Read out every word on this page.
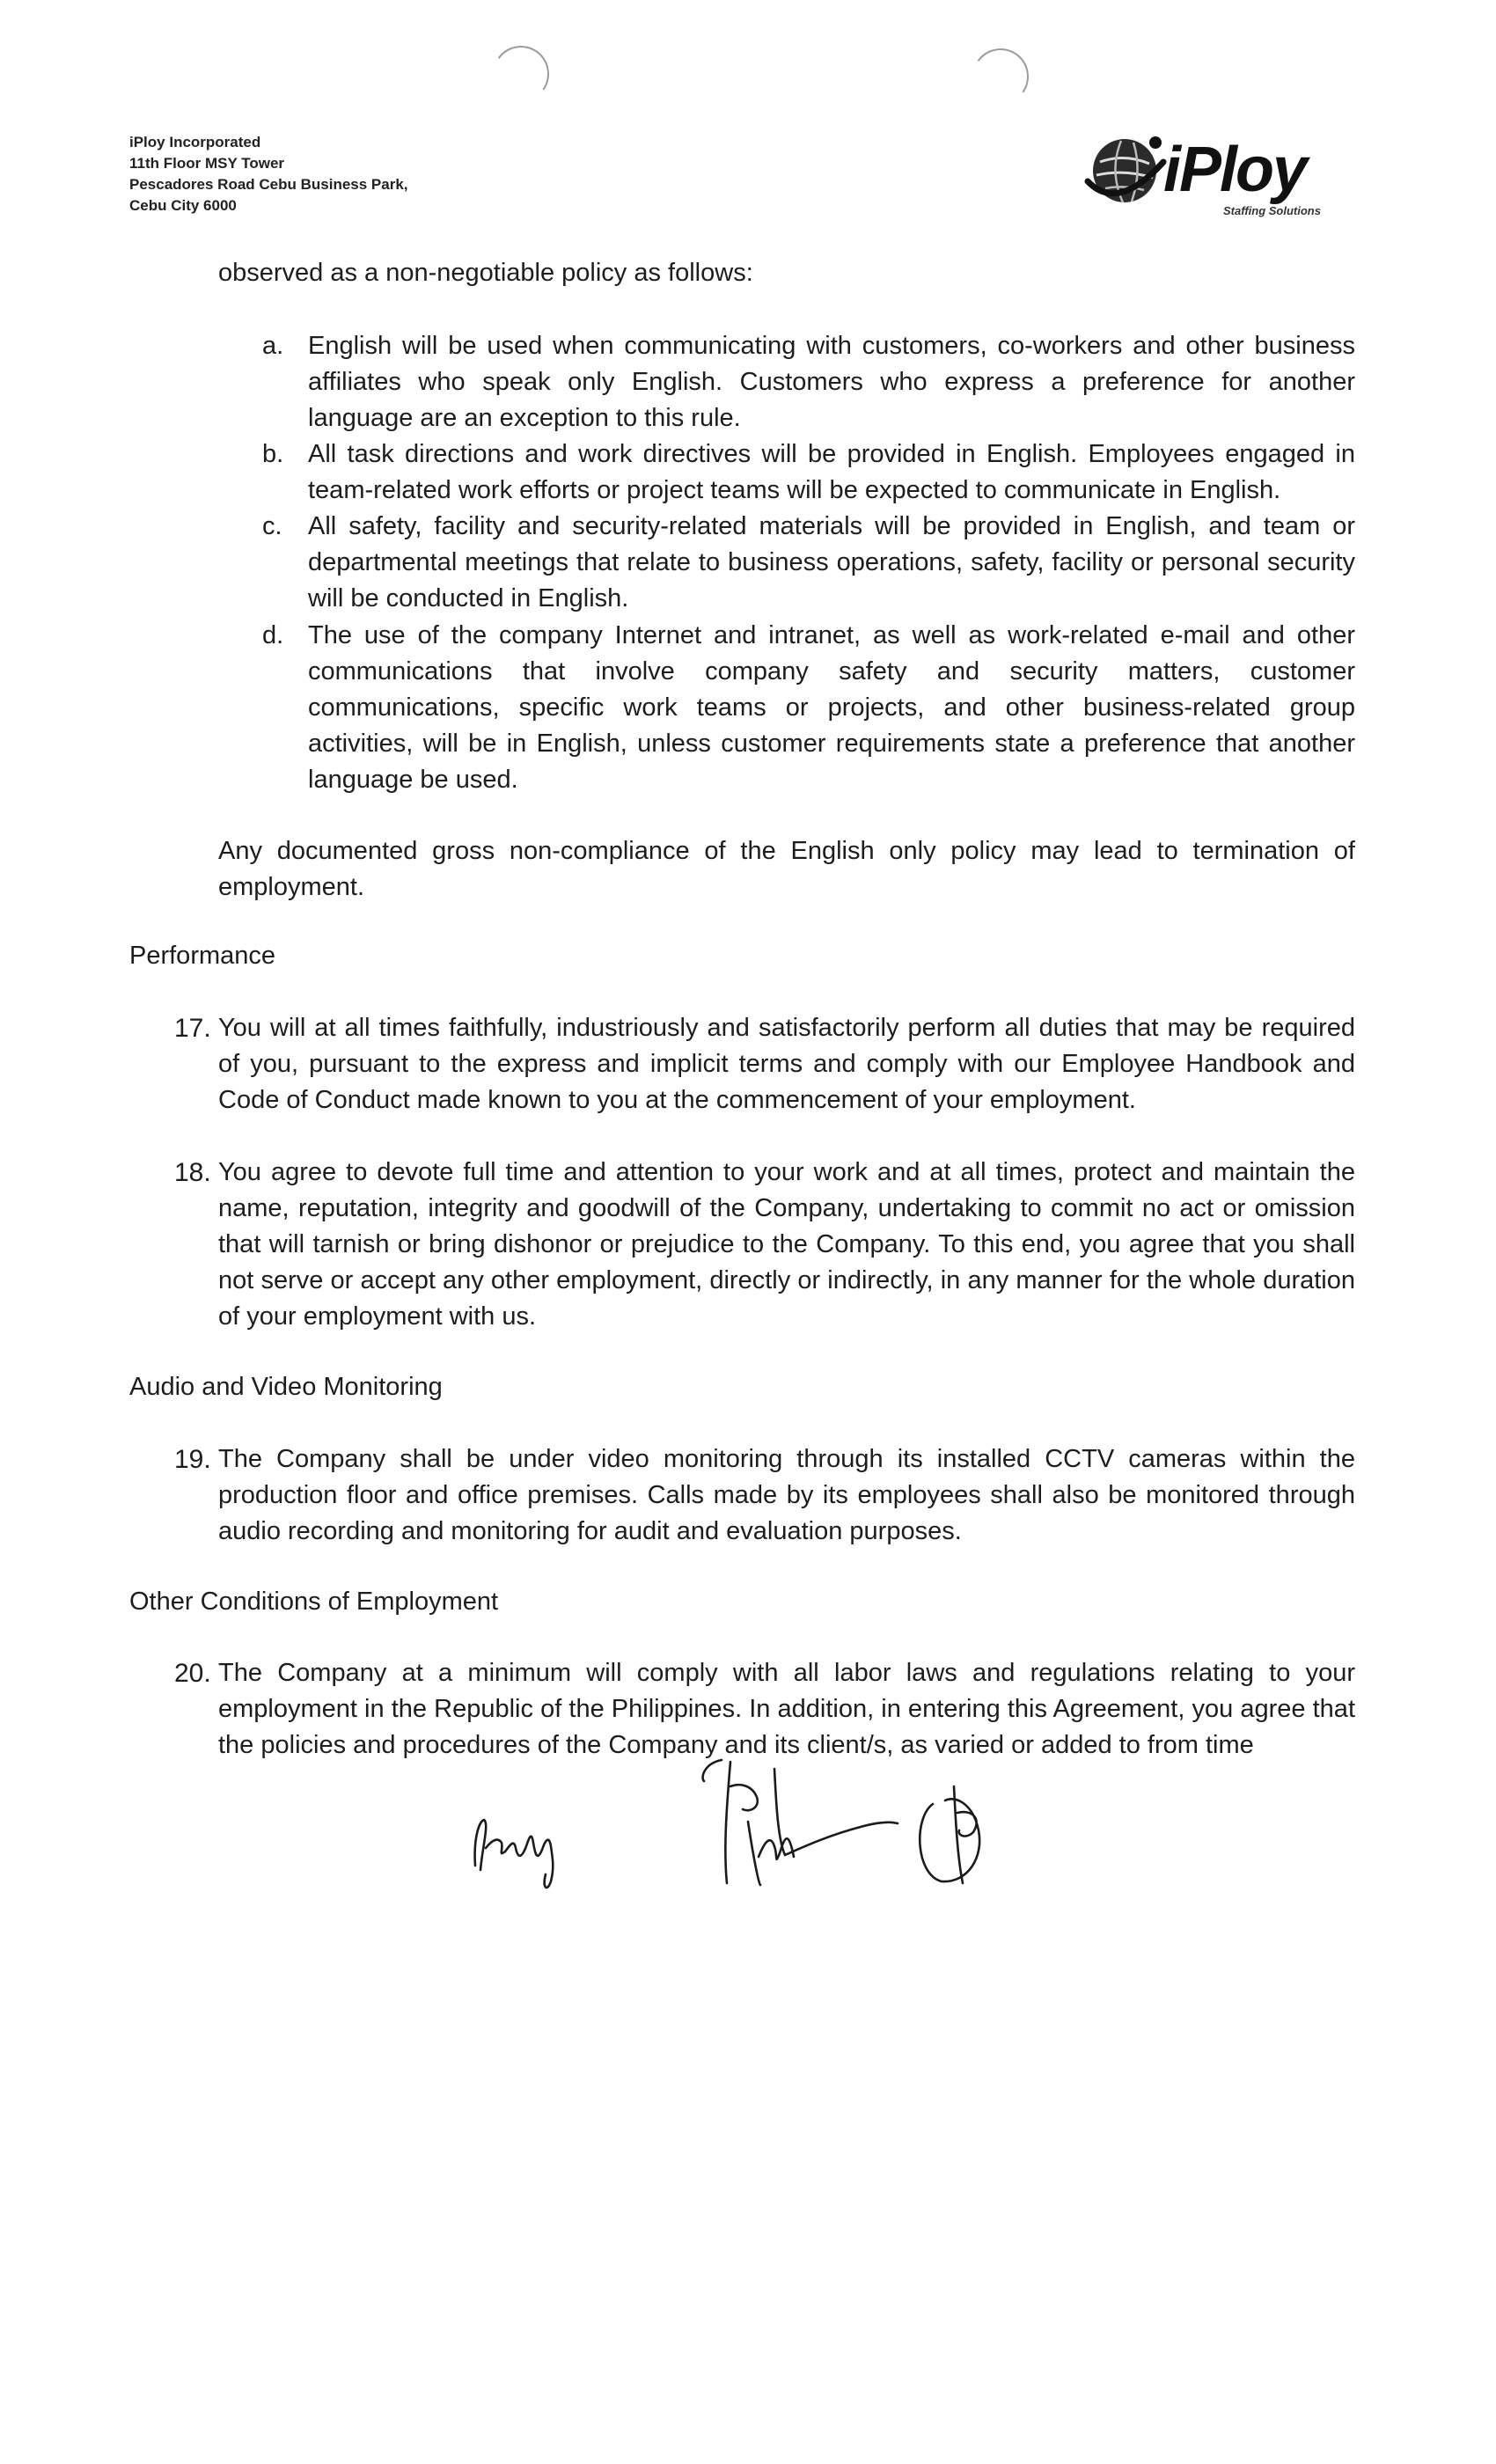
iPloy Incorporated
11th Floor MSY Tower
Pescadores Road Cebu Business Park,
Cebu City 6000
iPloy
Staffing Solutions
observed as a non-negotiable policy as follows:
a. English will be used when communicating with customers, co-workers and other business affiliates who speak only English. Customers who express a preference for another language are an exception to this rule.
b. All task directions and work directives will be provided in English. Employees engaged in team-related work efforts or project teams will be expected to communicate in English.
c. All safety, facility and security-related materials will be provided in English, and team or departmental meetings that relate to business operations, safety, facility or personal security will be conducted in English.
d. The use of the company Internet and intranet, as well as work-related e-mail and other communications that involve company safety and security matters, customer communications, specific work teams or projects, and other business-related group activities, will be in English, unless customer requirements state a preference that another language be used.
Any documented gross non-compliance of the English only policy may lead to termination of employment.
Performance
17. You will at all times faithfully, industriously and satisfactorily perform all duties that may be required of you, pursuant to the express and implicit terms and comply with our Employee Handbook and Code of Conduct made known to you at the commencement of your employment.
18. You agree to devote full time and attention to your work and at all times, protect and maintain the name, reputation, integrity and goodwill of the Company, undertaking to commit no act or omission that will tarnish or bring dishonor or prejudice to the Company. To this end, you agree that you shall not serve or accept any other employment, directly or indirectly, in any manner for the whole duration of your employment with us.
Audio and Video Monitoring
19. The Company shall be under video monitoring through its installed CCTV cameras within the production floor and office premises. Calls made by its employees shall also be monitored through audio recording and monitoring for audit and evaluation purposes.
Other Conditions of Employment
20. The Company at a minimum will comply with all labor laws and regulations relating to your employment in the Republic of the Philippines. In addition, in entering this Agreement, you agree that the policies and procedures of the Company and its client/s, as varied or added to from time
